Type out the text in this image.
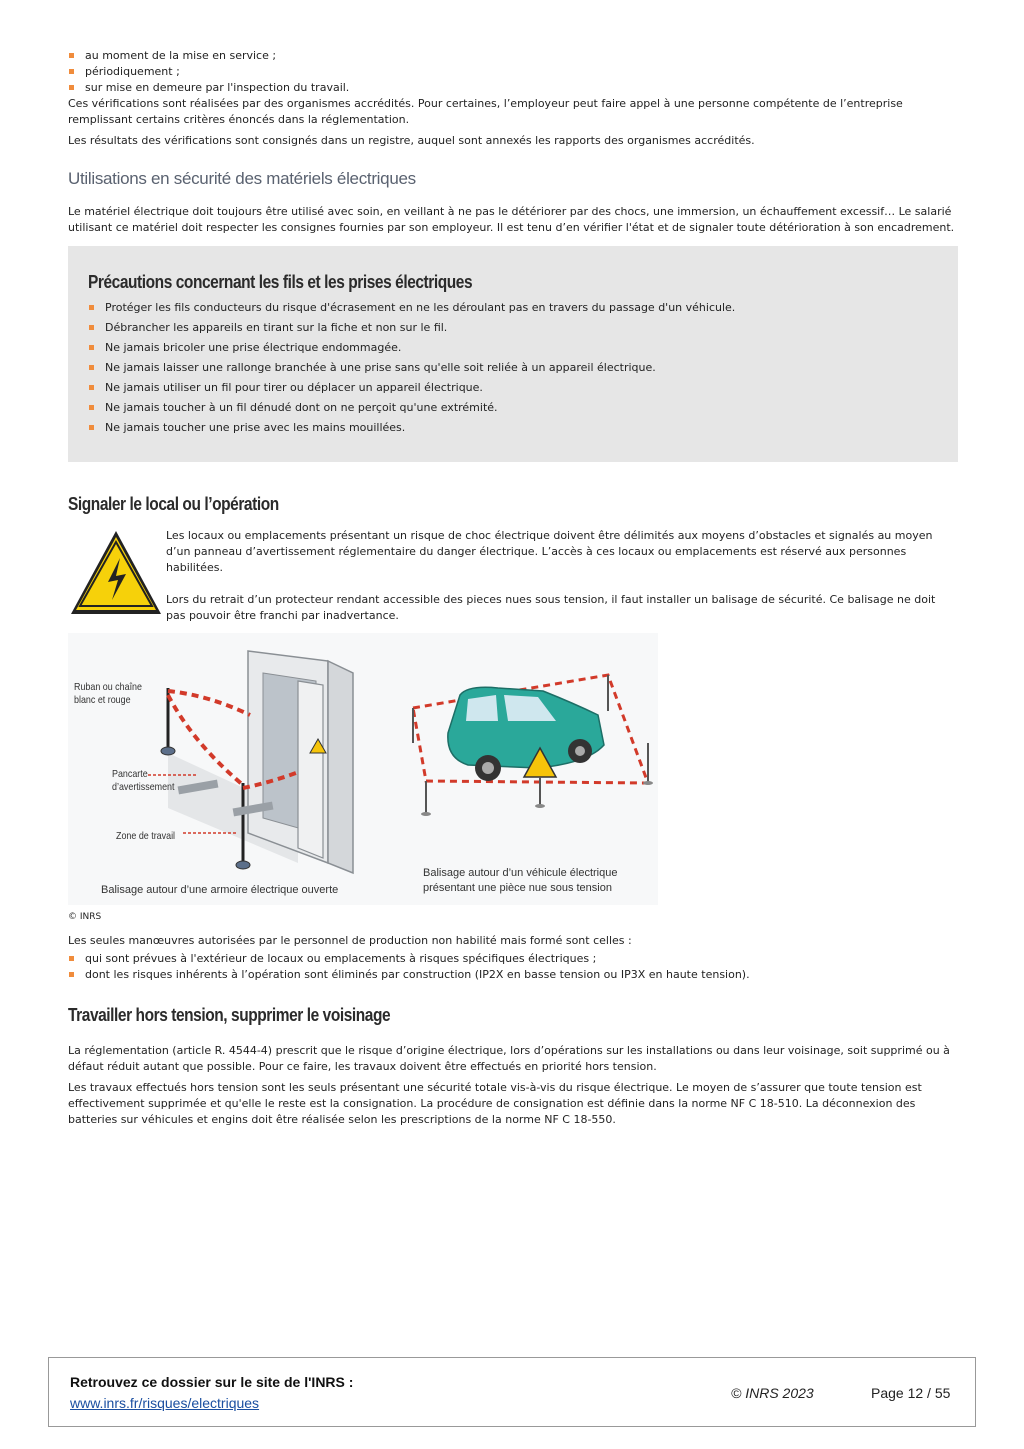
au moment de la mise en service ;
périodiquement ;
sur mise en demeure par l'inspection du travail.

Ces vérifications sont réalisées par des organismes accrédités. Pour certaines, l’employeur peut faire appel à une personne compétente de l’entreprise remplissant certains critères énoncés dans la réglementation.

Les résultats des vérifications sont consignés dans un registre, auquel sont annexés les rapports des organismes accrédités.

Utilisations en sécurité des matériels électriques

Le matériel électrique doit toujours être utilisé avec soin, en veillant à ne pas le détériorer par des chocs, une immersion, un échauffement excessif… Le salarié utilisant ce matériel doit respecter les consignes fournies par son employeur. Il est tenu d’en vérifier l'état et de signaler toute détérioration à son encadrement.

Précautions concernant les fils et les prises électriques
Protéger les fils conducteurs du risque d'écrasement en ne les déroulant pas en travers du passage d'un véhicule.
Débrancher les appareils en tirant sur la fiche et non sur le fil.
Ne jamais bricoler une prise électrique endommagée.
Ne jamais laisser une rallonge branchée à une prise sans qu'elle soit reliée à un appareil électrique.
Ne jamais utiliser un fil pour tirer ou déplacer un appareil électrique.
Ne jamais toucher à un fil dénudé dont on ne perçoit qu'une extrémité.
Ne jamais toucher une prise avec les mains mouillées.
Signaler le local ou l’opération

Les locaux ou emplacements présentant un risque de choc électrique doivent être délimités aux moyens d’obstacles et signalés au moyen d’un panneau d’avertissement réglementaire du danger électrique. L’accès à ces locaux ou emplacements est réservé aux personnes habilitées.

Lors du retrait d’un protecteur rendant accessible des pieces nues sous tension, il faut installer un balisage de sécurité. Ce balisage ne doit pas pouvoir être franchi par inadvertance.

Ruban ou chaîne blanc et rouge
Pancarte d’avertissement
Zone de travail
Balisage autour d’une armoire électrique ouverte
Balisage autour d’un véhicule électrique présentant une pièce nue sous tension

© INRS

Les seules manœuvres autorisées par le personnel de production non habilité mais formé sont celles :

qui sont prévues à l'extérieur de locaux ou emplacements à risques spécifiques électriques ;
dont les risques inhérents à l’opération sont éliminés par construction (IP2X en basse tension ou IP3X en haute tension).
Travailler hors tension, supprimer le voisinage

La réglementation (article R. 4544-4) prescrit que le risque d’origine électrique, lors d’opérations sur les installations ou dans leur voisinage, soit supprimé ou à défaut réduit autant que possible. Pour ce faire, les travaux doivent être effectués en priorité hors tension.

Les travaux effectués hors tension sont les seuls présentant une sécurité totale vis-à-vis du risque électrique. Le moyen de s’assurer que toute tension est effectivement supprimée et qu'elle le reste est la consignation. La procédure de consignation est définie dans la norme NF C 18-510. La déconnexion des batteries sur véhicules et engins doit être réalisée selon les prescriptions de la norme NF C 18-550.

Retrouvez ce dossier sur le site de l'INRS :
www.inrs.fr/risques/electriques
© INRS 2023	Page 12 / 55
